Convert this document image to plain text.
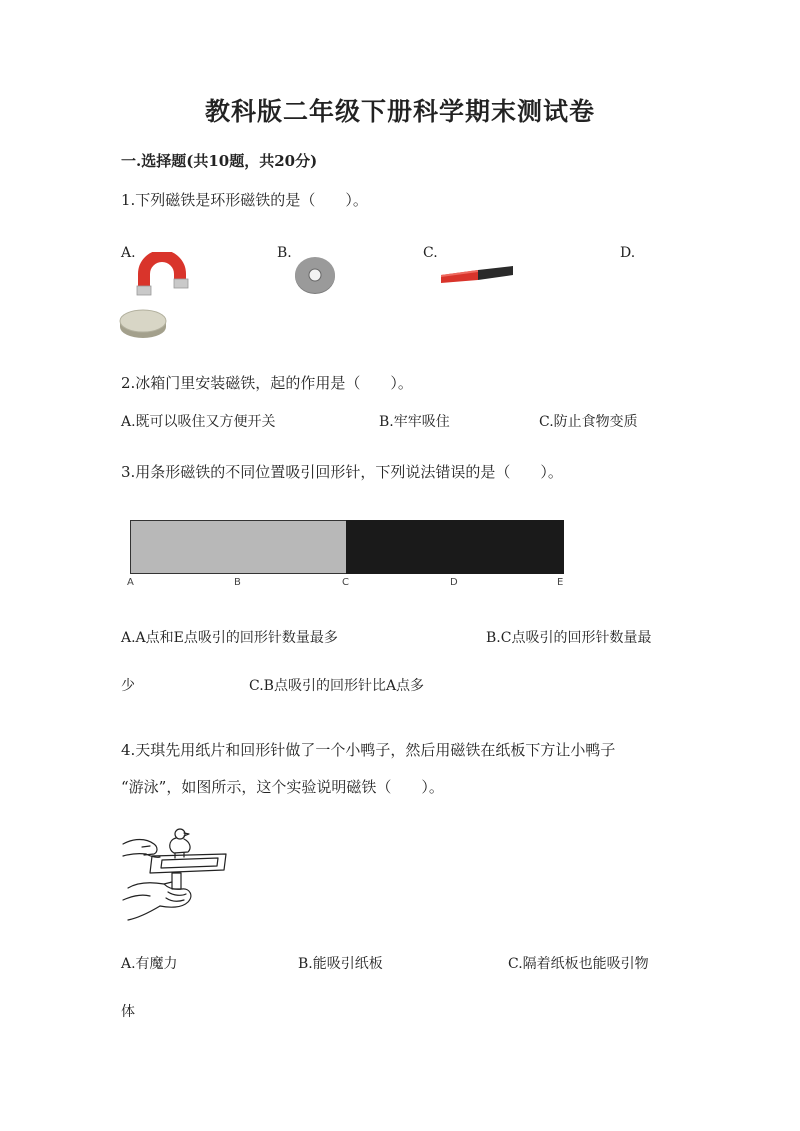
教科版二年级下册科学期末测试卷
一.选择题(共10题，共20分)
1.下列磁铁是环形磁铁的是（　　）。
A.	B.	C.	D.
2.冰箱门里安装磁铁，起的作用是（　　）。
A.既可以吸住又方便开关	B.牢牢吸住	C.防止食物变质
3.用条形磁铁的不同位置吸引回形针，下列说法错误的是（　　）。
A	B	C	D	E
A.A点和E点吸引的回形针数量最多	B.C点吸引的回形针数量最
少	C.B点吸引的回形针比A点多
4.天琪先用纸片和回形针做了一个小鸭子，然后用磁铁在纸板下方让小鸭子
“游泳”，如图所示，这个实验说明磁铁（　　）。
A.有魔力	B.能吸引纸板	C.隔着纸板也能吸引物
体
